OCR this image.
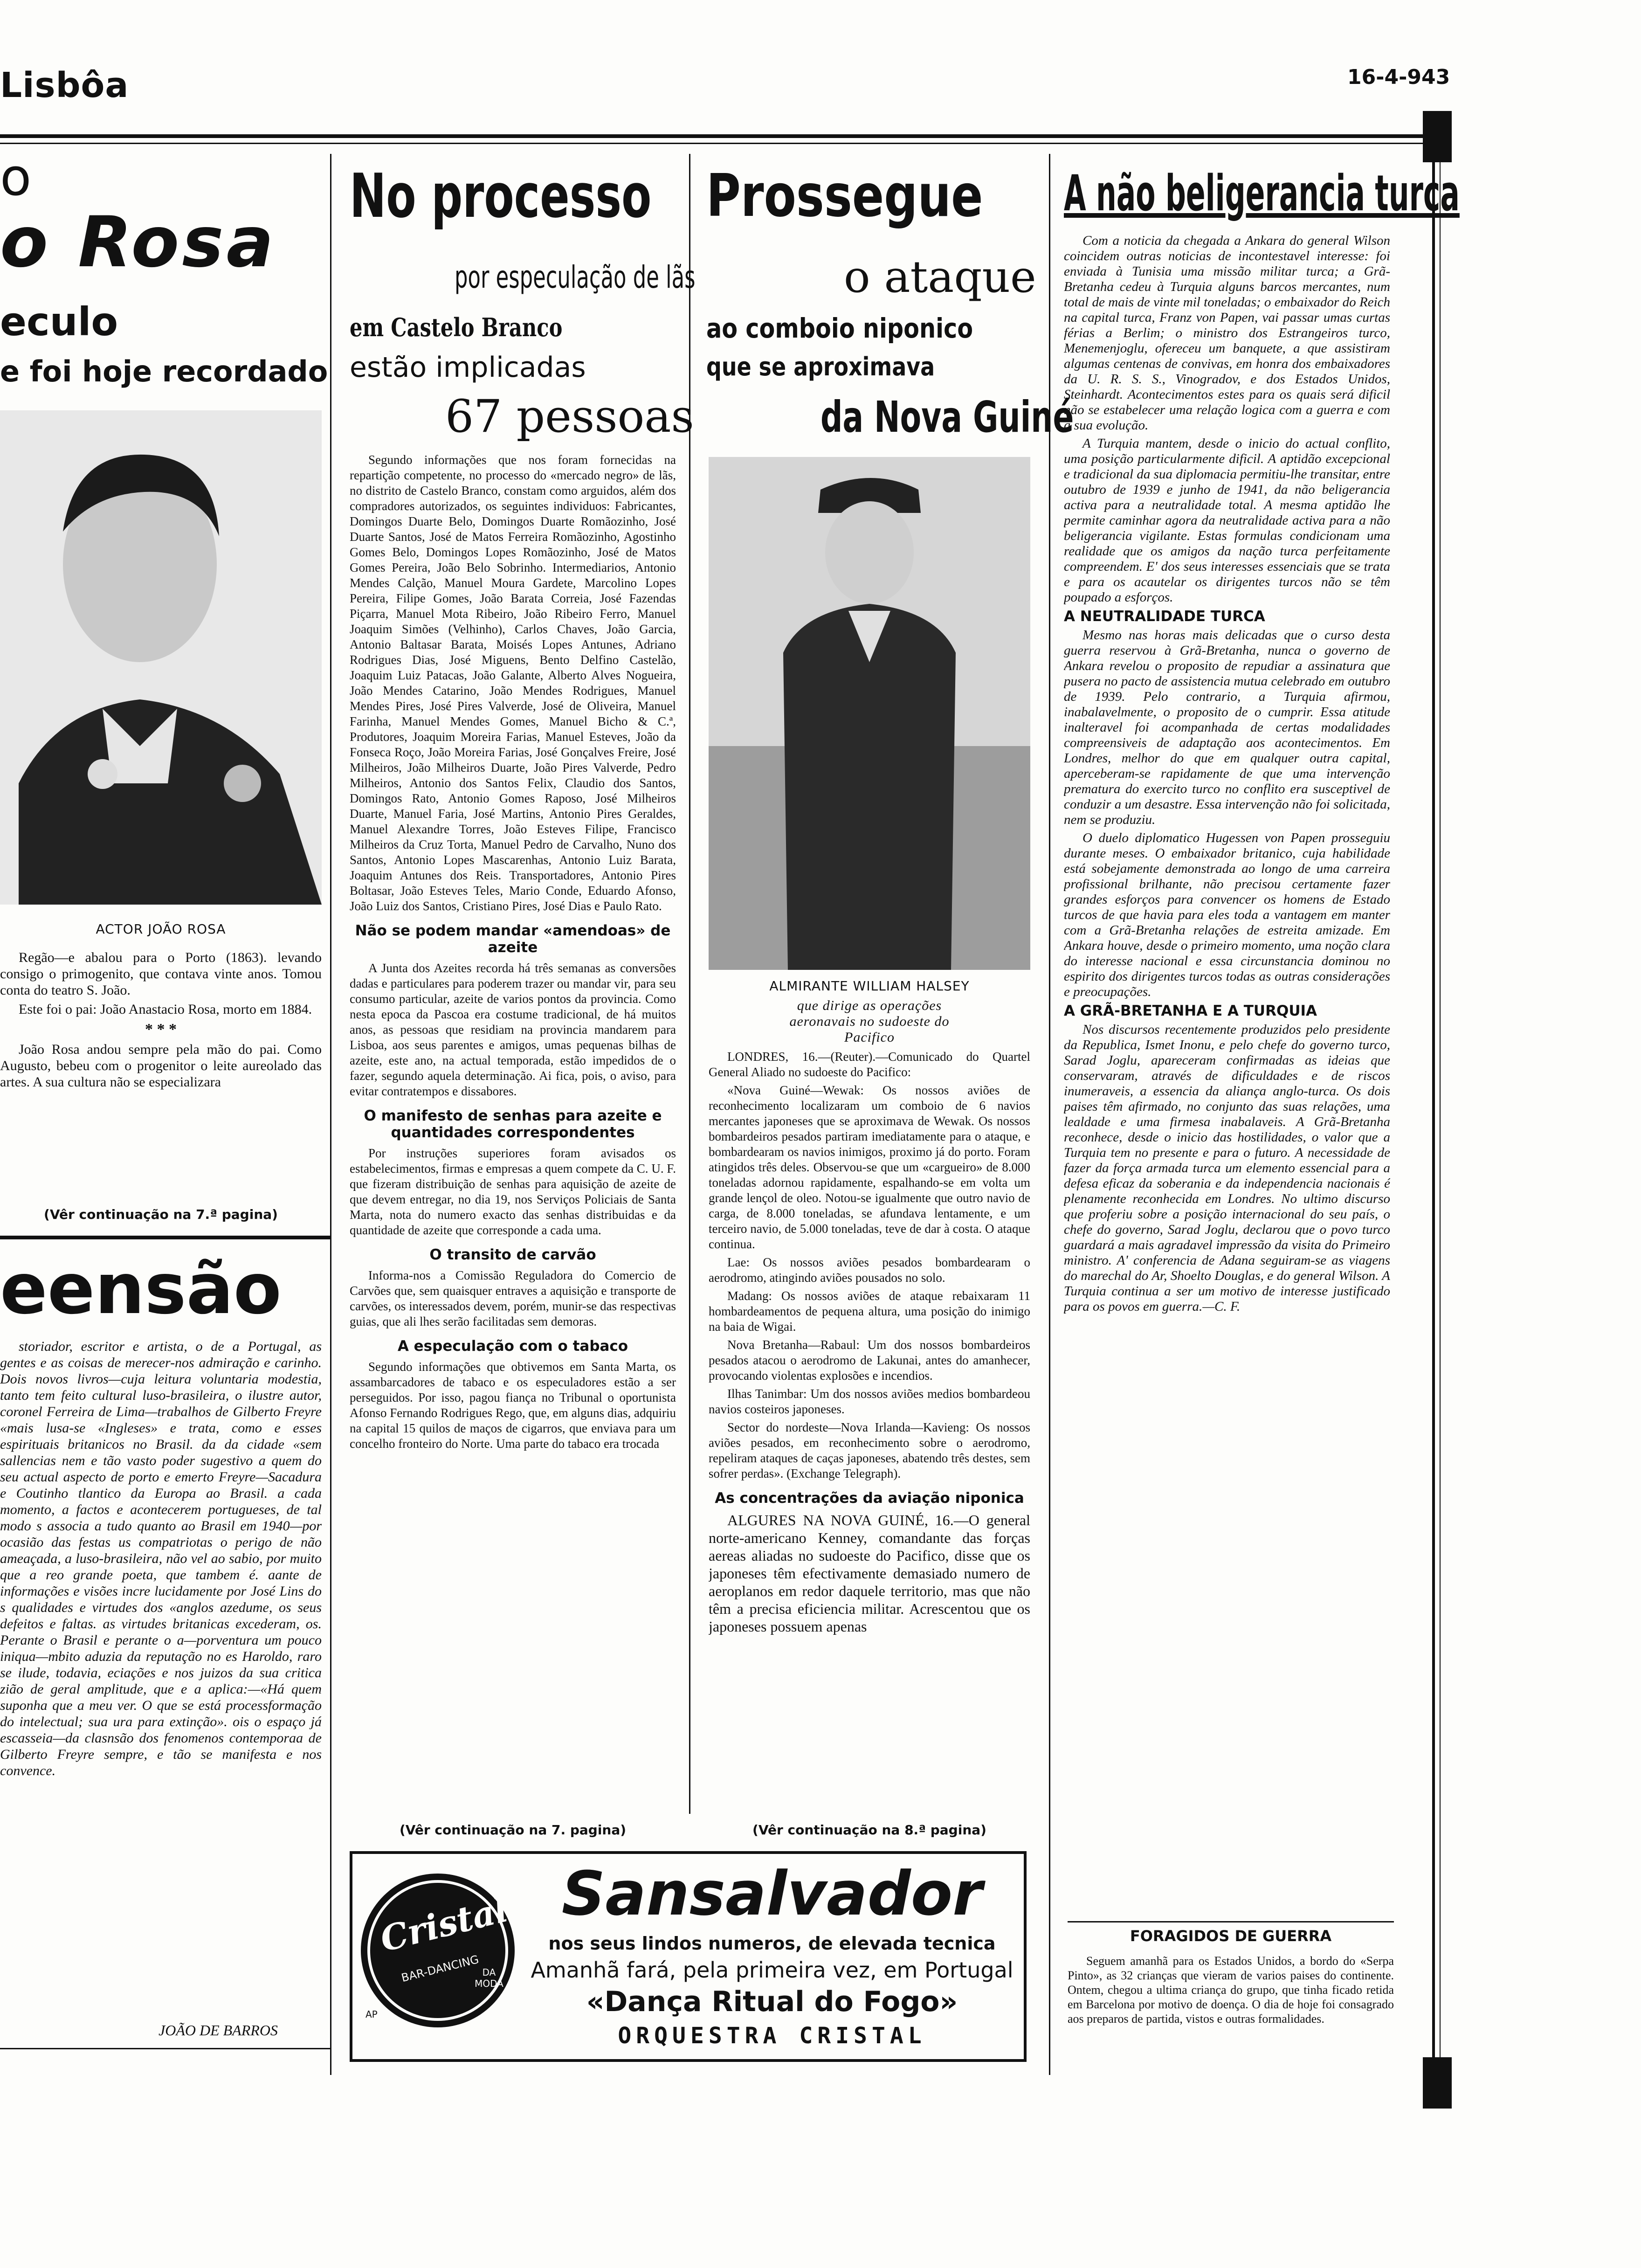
Lisbôa	16-4-943
o
o Rosa
eculo
e foi hoje recordado
ACTOR JOÃO ROSA

Regão—e abalou para o Porto (1863). levando consigo o primogenito, que contava vinte anos. Tomou conta do teatro S. João.

Este foi o pai: João Anastacio Rosa, morto em 1884.

* * *

João Rosa andou sempre pela mão do pai. Como Augusto, bebeu com o progenitor o leite aureolado das artes. A sua cultura não se especializara

(Vêr continuação na 7.ª pagina)
eensão

storiador, escritor e artista, o de a Portugal, as gentes e as coisas de merecer-nos admiração e carinho. Dois novos livros—cuja leitura voluntaria modestia, tanto tem feito cultural luso-brasileira, o ilustre autor, coronel Ferreira de Lima—trabalhos de Gilberto Freyre «mais lusa-se «Ingleses» e trata, como e esses espirituais britanicos no Brasil. da da cidade «sem sallencias nem e tão vasto poder sugestivo a quem do seu actual aspecto de porto e emerto Freyre—Sacadura e Coutinho tlantico da Europa ao Brasil. a cada momento, a factos e acontecerem portugueses, de tal modo s associa a tudo quanto ao Brasil em 1940—por ocasião das festas us compatriotas o perigo de não ameaçada, a luso-brasileira, não vel ao sabio, por muito que a reo grande poeta, que tambem é. aante de informações e visões incre lucidamente por José Lins do s qualidades e virtudes dos «anglos azedume, os seus defeitos e faltas. as virtudes britanicas excederam, os. Perante o Brasil e perante o a—porventura um pouco iniqua—mbito aduzia da reputação no es Haroldo, raro se ilude, todavia, eciações e nos juizos da sua critica zião de geral amplitude, que e a aplica:—«Há quem suponha que a meu ver. O que se está processformação do intelectual; sua ura para extinção». ois o espaço já escasseia—da clasnsão dos fenomenos contemporaa de Gilberto Freyre sempre, e tão se manifesta e nos convence.

JOÃO DE BARROS
No processo
por especulação de lãs
em Castelo Branco
estão implicadas
67 pessoas

Segundo informações que nos foram fornecidas na repartição competente, no processo do «mercado negro» de lãs, no distrito de Castelo Branco, constam como arguidos, além dos compradores autorizados, os seguintes individuos: Fabricantes, Domingos Duarte Belo, Domingos Duarte Romãozinho, José Duarte Santos, José de Matos Ferreira Romãozinho, Agostinho Gomes Belo, Domingos Lopes Romãozinho, José de Matos Gomes Pereira, João Belo Sobrinho. Intermediarios, Antonio Mendes Calção, Manuel Moura Gardete, Marcolino Lopes Pereira, Filipe Gomes, João Barata Correia, José Fazendas Piçarra, Manuel Mota Ribeiro, João Ribeiro Ferro, Manuel Joaquim Simões (Velhinho), Carlos Chaves, João Garcia, Antonio Baltasar Barata, Moisés Lopes Antunes, Adriano Rodrigues Dias, José Miguens, Bento Delfino Castelão, Joaquim Luiz Patacas, João Galante, Alberto Alves Nogueira, João Mendes Catarino, João Mendes Rodrigues, Manuel Mendes Pires, José Pires Valverde, José de Oliveira, Manuel Farinha, Manuel Mendes Gomes, Manuel Bicho & C.ª, Produtores, Joaquim Moreira Farias, Manuel Esteves, João da Fonseca Roço, João Moreira Farias, José Gonçalves Freire, José Milheiros, João Milheiros Duarte, João Pires Valverde, Pedro Milheiros, Antonio dos Santos Felix, Claudio dos Santos, Domingos Rato, Antonio Gomes Raposo, José Milheiros Duarte, Manuel Faria, José Martins, Antonio Pires Geraldes, Manuel Alexandre Torres, João Esteves Filipe, Francisco Milheiros da Cruz Torta, Manuel Pedro de Carvalho, Nuno dos Santos, Antonio Lopes Mascarenhas, Antonio Luiz Barata, Joaquim Antunes dos Reis. Transportadores, Antonio Pires Boltasar, João Esteves Teles, Mario Conde, Eduardo Afonso, João Luiz dos Santos, Cristiano Pires, José Dias e Paulo Rato.

Não se podem mandar «amendoas» de azeite

A Junta dos Azeites recorda há três semanas as conversões dadas e particulares para poderem trazer ou mandar vir, para seu consumo particular, azeite de varios pontos da provincia. Como nesta epoca da Pascoa era costume tradicional, de há muitos anos, as pessoas que residiam na provincia mandarem para Lisboa, aos seus parentes e amigos, umas pequenas bilhas de azeite, este ano, na actual temporada, estão impedidos de o fazer, segundo aquela determinação. Ai fica, pois, o aviso, para evitar contratempos e dissabores.

O manifesto de senhas para azeite e quantidades correspondentes

Por instruções superiores foram avisados os estabelecimentos, firmas e empresas a quem compete da C. U. F. que fizeram distribuição de senhas para aquisição de azeite de que devem entregar, no dia 19, nos Serviços Policiais de Santa Marta, nota do numero exacto das senhas distribuidas e da quantidade de azeite que corresponde a cada uma.

O transito de carvão

Informa-nos a Comissão Reguladora do Comercio de Carvões que, sem quaisquer entraves a aquisição e transporte de carvões, os interessados devem, porém, munir-se das respectivas guias, que ali lhes serão facilitadas sem demoras.

A especulação com o tabaco

Segundo informações que obtivemos em Santa Marta, os assambarcadores de tabaco e os especuladores estão a ser perseguidos. Por isso, pagou fiança no Tribunal o oportunista Afonso Fernando Rodrigues Rego, que, em alguns dias, adquiriu na capital 15 quilos de maços de cigarros, que enviava para um concelho fronteiro do Norte. Uma parte do tabaco era trocada

(Vêr continuação na 7. pagina)
Prossegue
o ataque
ao comboio niponico
que se aproximava
da Nova Guiné
ALMIRANTE WILLIAM HALSEY
que dirige as operações aeronavais no sudoeste do Pacifico

LONDRES, 16.—(Reuter).—Comunicado do Quartel General Aliado no sudoeste do Pacifico:

«Nova Guiné—Wewak: Os nossos aviões de reconhecimento localizaram um comboio de 6 navios mercantes japoneses que se aproximava de Wewak. Os nossos bombardeiros pesados partiram imediatamente para o ataque, e bombardearam os navios inimigos, proximo já do porto. Foram atingidos três deles. Observou-se que um «cargueiro» de 8.000 toneladas adornou rapidamente, espalhando-se em volta um grande lençol de oleo. Notou-se igualmente que outro navio de carga, de 8.000 toneladas, se afundava lentamente, e um terceiro navio, de 5.000 toneladas, teve de dar à costa. O ataque continua.

Lae: Os nossos aviões pesados bombardearam o aerodromo, atingindo aviões pousados no solo.

Madang: Os nossos aviões de ataque rebaixaram 11 hombardeamentos de pequena altura, uma posição do inimigo na baia de Wigai.

Nova Bretanha—Rabaul: Um dos nossos bombardeiros pesados atacou o aerodromo de Lakunai, antes do amanhecer, provocando violentas explosões e incendios.

Ilhas Tanimbar: Um dos nossos aviões medios bombardeou navios costeiros japoneses.

Sector do nordeste—Nova Irlanda—Kavieng: Os nossos aviões pesados, em reconhecimento sobre o aerodromo, repeliram ataques de caças japoneses, abatendo três destes, sem sofrer perdas». (Exchange Telegraph).

As concentrações da aviação niponica

ALGURES NA NOVA GUINÉ, 16.—O general norte-americano Kenney, comandante das forças aereas aliadas no sudoeste do Pacifico, disse que os japoneses têm efectivamente demasiado numero de aeroplanos em redor daquele territorio, mas que não têm a precisa eficiencia militar. Acrescentou que os japoneses possuem apenas

(Vêr continuação na 8.ª pagina)
A não beligerancia turca

Com a noticia da chegada a Ankara do general Wilson coincidem outras noticias de incontestavel interesse: foi enviada à Tunisia uma missão militar turca; a Grã-Bretanha cedeu à Turquia alguns barcos mercantes, num total de mais de vinte mil toneladas; o embaixador do Reich na capital turca, Franz von Papen, vai passar umas curtas férias a Berlim; o ministro dos Estrangeiros turco, Menemenjoglu, ofereceu um banquete, a que assistiram algumas centenas de convivas, em honra dos embaixadores da U. R. S. S., Vinogradov, e dos Estados Unidos, Steinhardt. Acontecimentos estes para os quais será dificil não se estabelecer uma relação logica com a guerra e com a sua evolução.

A Turquia mantem, desde o inicio do actual conflito, uma posição particularmente dificil. A aptidão excepcional e tradicional da sua diplomacia permitiu-lhe transitar, entre outubro de 1939 e junho de 1941, da não beligerancia activa para a neutralidade total. A mesma aptidão lhe permite caminhar agora da neutralidade activa para a não beligerancia vigilante. Estas formulas condicionam uma realidade que os amigos da nação turca perfeitamente compreendem. E' dos seus interesses essenciais que se trata e para os acautelar os dirigentes turcos não se têm poupado a esforços.

A NEUTRALIDADE TURCA

Mesmo nas horas mais delicadas que o curso desta guerra reservou à Grã-Bretanha, nunca o governo de Ankara revelou o proposito de repudiar a assinatura que pusera no pacto de assistencia mutua celebrado em outubro de 1939. Pelo contrario, a Turquia afirmou, inabalavelmente, o proposito de o cumprir. Essa atitude inalteravel foi acompanhada de certas modalidades compreensiveis de adaptação aos acontecimentos. Em Londres, melhor do que em qualquer outra capital, aperceberam-se rapidamente de que uma intervenção prematura do exercito turco no conflito era susceptivel de conduzir a um desastre. Essa intervenção não foi solicitada, nem se produziu.

O duelo diplomatico Hugessen von Papen prosseguiu durante meses. O embaixador britanico, cuja habilidade está sobejamente demonstrada ao longo de uma carreira profissional brilhante, não precisou certamente fazer grandes esforços para convencer os homens de Estado turcos de que havia para eles toda a vantagem em manter com a Grã-Bretanha relações de estreita amizade. Em Ankara houve, desde o primeiro momento, uma noção clara do interesse nacional e essa circunstancia dominou no espirito dos dirigentes turcos todas as outras considerações e preocupações.

A GRÃ-BRETANHA E A TURQUIA

Nos discursos recentemente produzidos pelo presidente da Republica, Ismet Inonu, e pelo chefe do governo turco, Sarad Joglu, apareceram confirmadas as ideias que conservaram, através de dificuldades e de riscos inumeraveis, a essencia da aliança anglo-turca. Os dois paises têm afirmado, no conjunto das suas relações, uma lealdade e uma firmesa inabalaveis. A Grã-Bretanha reconhece, desde o inicio das hostilidades, o valor que a Turquia tem no presente e para o futuro. A necessidade de fazer da força armada turca um elemento essencial para a defesa eficaz da soberania e da independencia nacionais é plenamente reconhecida em Londres. No ultimo discurso que proferiu sobre a posição internacional do seu país, o chefe do governo, Sarad Joglu, declarou que o povo turco guardará a mais agradavel impressão da visita do Primeiro ministro. A' conferencia de Adana seguiram-se as viagens do marechal do Ar, Shoelto Douglas, e do general Wilson. A Turquia continua a ser um motivo de interesse justificado para os povos em guerra.—C. F.

FORAGIDOS DE GUERRA

Seguem amanhã para os Estados Unidos, a bordo do «Serpa Pinto», as 32 crianças que vieram de varios paises do continente. Ontem, chegou a ultima criança do grupo, que tinha ficado retida em Barcelona por motivo de doença. O dia de hoje foi consagrado aos preparos de partida, vistos e outras formalidades.

Cristal
BAR-DANCING DA MODA
AP
Sansalvador
nos seus lindos numeros, de elevada tecnica
Amanhã fará, pela primeira vez, em Portugal
«Dança Ritual do Fogo»
ORQUESTRA CRISTAL
